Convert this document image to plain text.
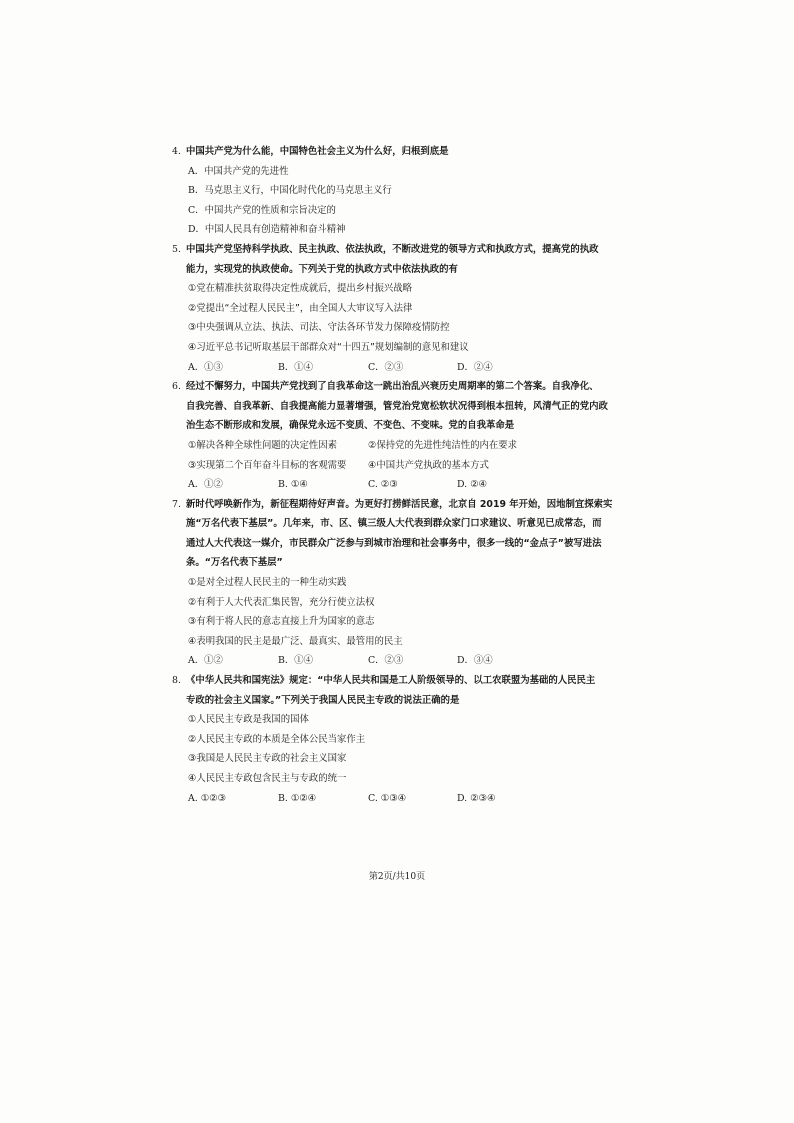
4. 中国共产党为什么能，中国特色社会主义为什么好，归根到底是
A．中国共产党的先进性
B．马克思主义行，中国化时代化的马克思主义行
C．中国共产党的性质和宗旨决定的
D．中国人民具有创造精神和奋斗精神
5. 中国共产党坚持科学执政、民主执政、依法执政，不断改进党的领导方式和执政方式，提高党的执政
能力，实现党的执政使命。下列关于党的执政方式中依法执政的有
①党在精准扶贫取得决定性成就后，提出乡村振兴战略
②党提出“全过程人民民主”，由全国人大审议写入法律
③中央强调从立法、执法、司法、守法各环节发力保障疫情防控
④习近平总书记听取基层干部群众对“十四五”规划编制的意见和建议
A．①③	B．①④	C．②③	D．②④
6. 经过不懈努力，中国共产党找到了自我革命这一跳出治乱兴衰历史周期率的第二个答案。自我净化、
自我完善、自我革新、自我提高能力显著增强，管党治党宽松软状况得到根本扭转，风清气正的党内政
治生态不断形成和发展，确保党永远不变质、不变色、不变味。党的自我革命是
①解决各种全球性问题的决定性因素	②保持党的先进性纯洁性的内在要求
③实现第二个百年奋斗目标的客观需要 ④中国共产党执政的基本方式
A．①②	B. ①④	C. ②③	D. ②④
7. 新时代呼唤新作为，新征程期待好声音。为更好打捞鲜活民意，北京自 2019 年开始，因地制宜探索实
施“万名代表下基层”。几年来，市、区、镇三级人大代表到群众家门口求建议、听意见已成常态，而
通过人大代表这一媒介，市民群众广泛参与到城市治理和社会事务中，很多一线的“金点子”被写进法
条。“万名代表下基层”
①是对全过程人民民主的一种生动实践
②有利于人大代表汇集民智，充分行使立法权
③有利于将人民的意志直接上升为国家的意志
④表明我国的民主是最广泛、最真实、最管用的民主
A．①②	B．①④	C．②③	D．③④
8. 《中华人民共和国宪法》规定：“中华人民共和国是工人阶级领导的、以工农联盟为基础的人民民主
专政的社会主义国家。”下列关于我国人民民主专政的说法正确的是
①人民民主专政是我国的国体
②人民民主专政的本质是全体公民当家作主
③我国是人民民主专政的社会主义国家
④人民民主专政包含民主与专政的统一
A. ①②③	B. ①②④	C. ①③④	D. ②③④
第2页/共10页
